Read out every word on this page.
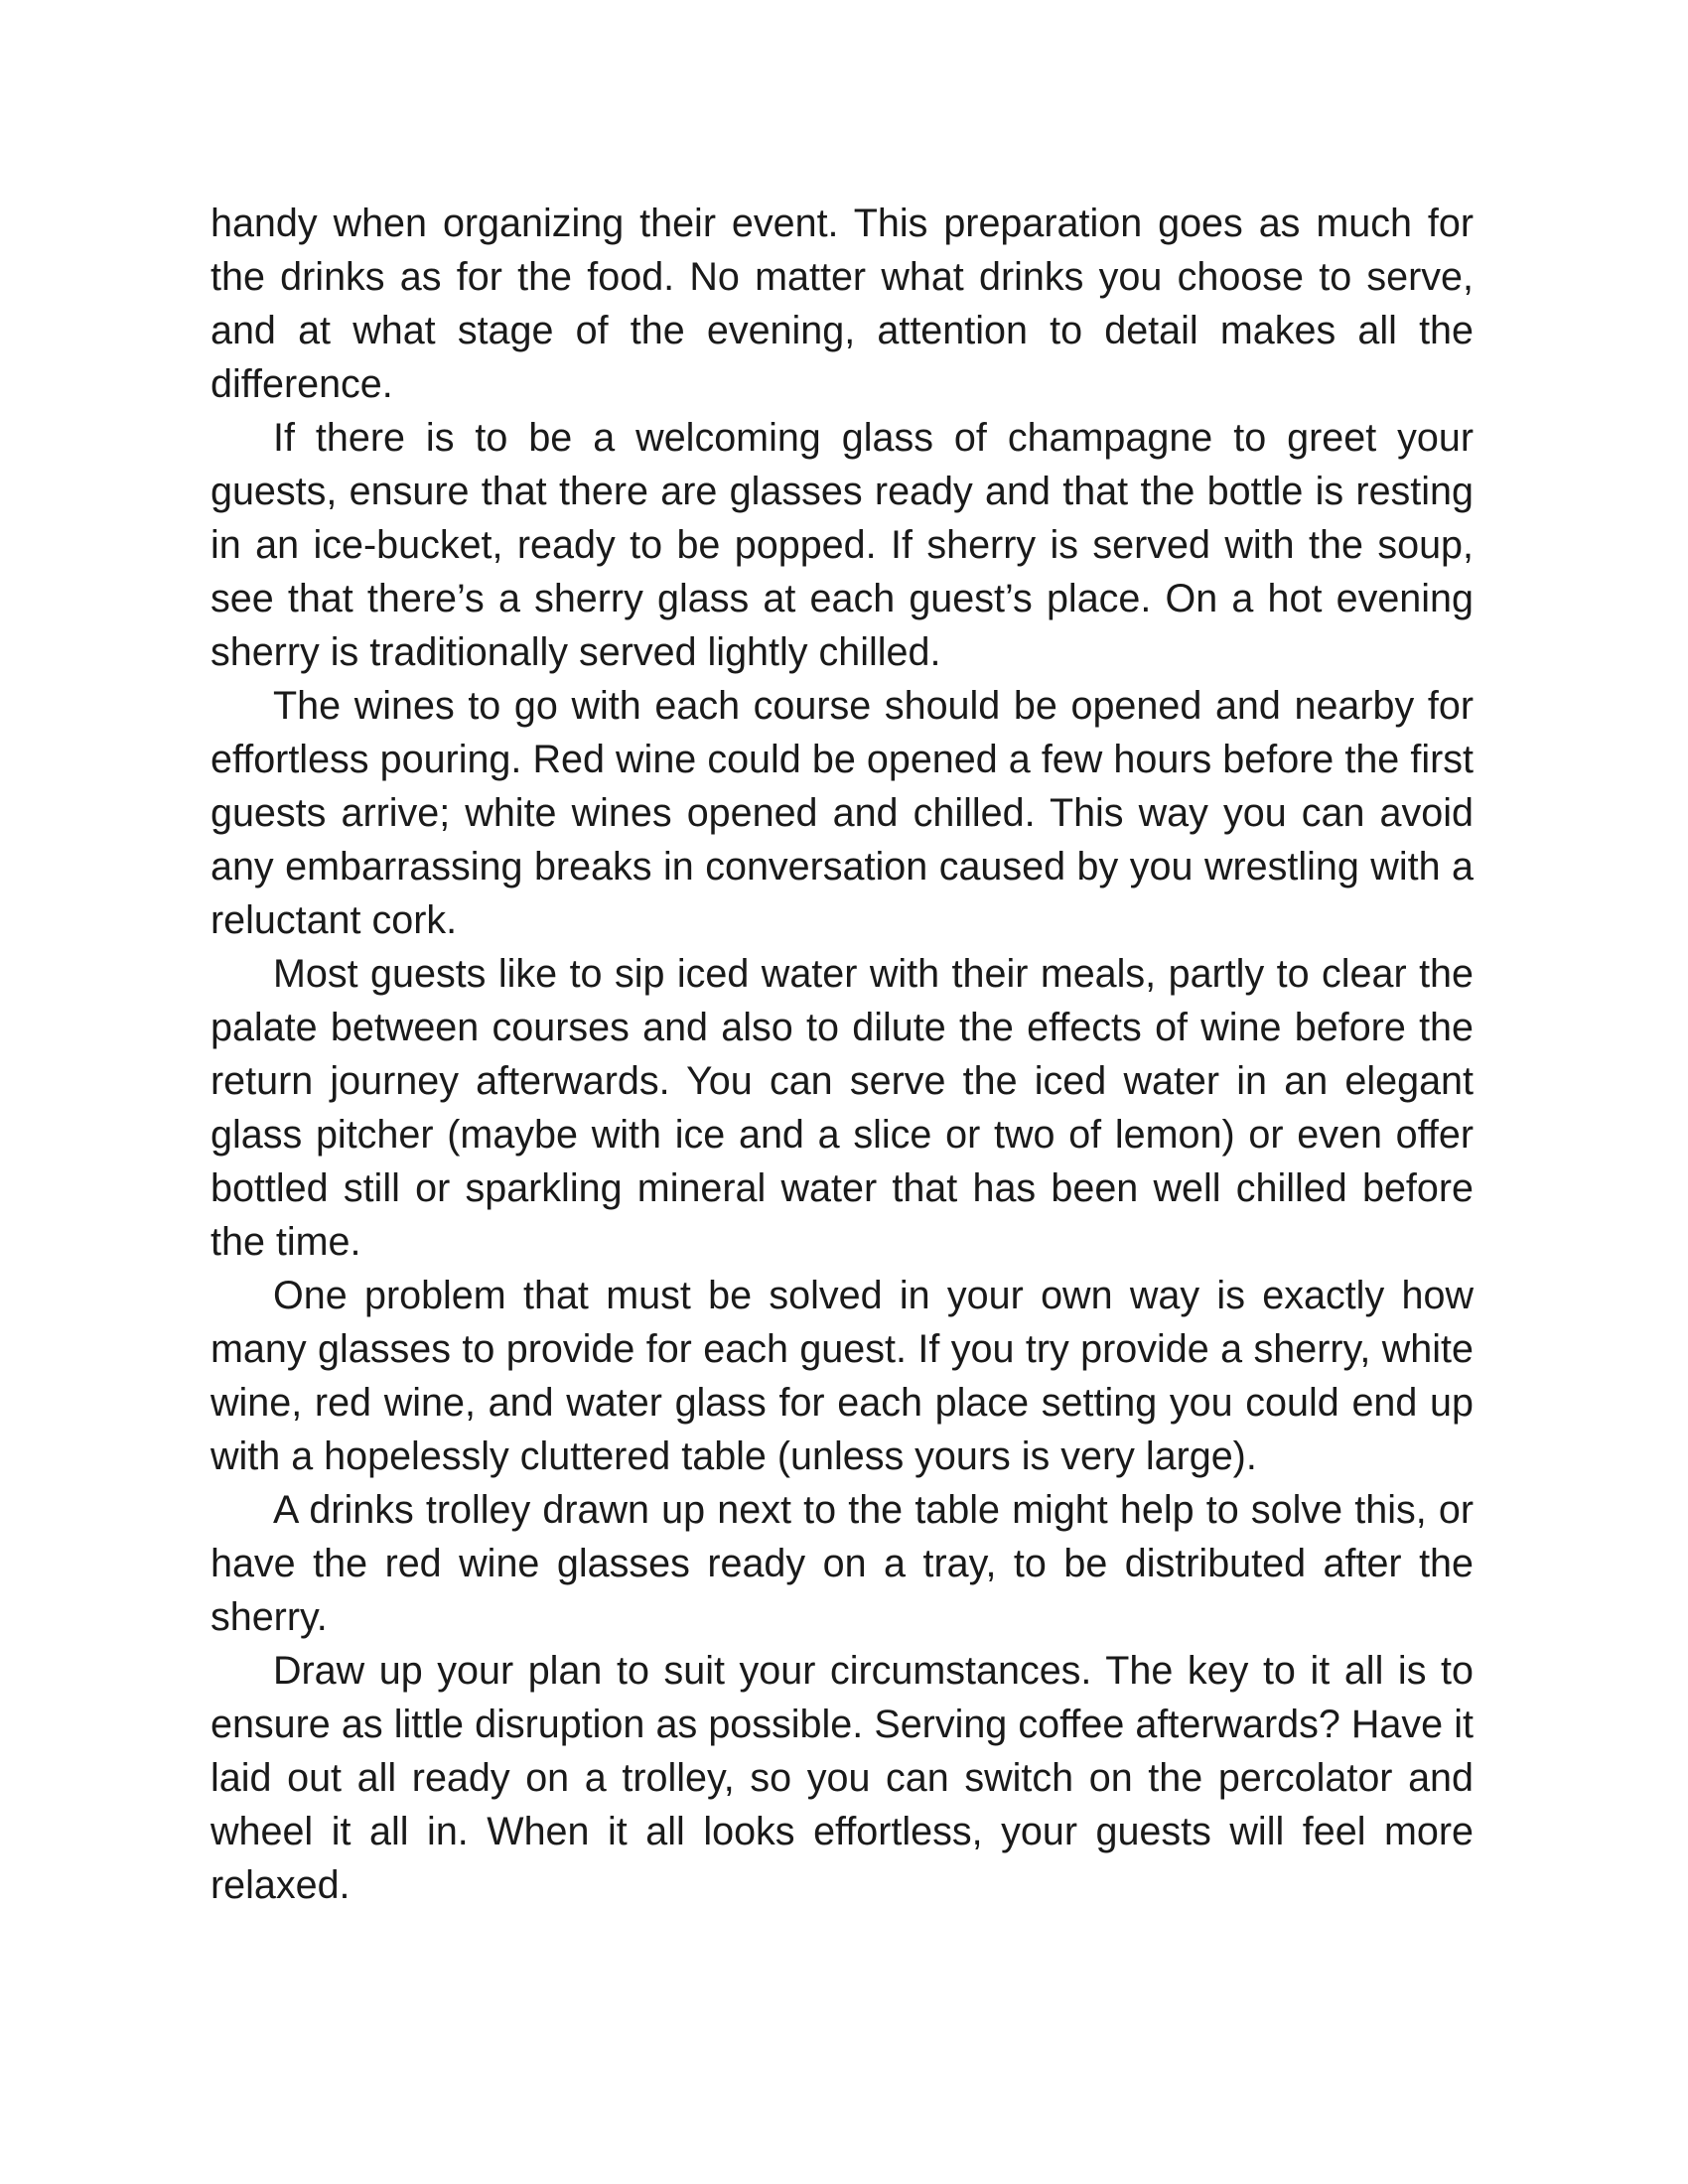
handy when organizing their event. This preparation goes as much for the drinks as for the food. No matter what drinks you choose to serve, and at what stage of the evening, attention to detail makes all the difference.

If there is to be a welcoming glass of champagne to greet your guests, ensure that there are glasses ready and that the bottle is resting in an ice-bucket, ready to be popped. If sherry is served with the soup, see that there’s a sherry glass at each guest’s place. On a hot evening sherry is traditionally served lightly chilled.

The wines to go with each course should be opened and nearby for effortless pouring. Red wine could be opened a few hours before the first guests arrive; white wines opened and chilled. This way you can avoid any embarrassing breaks in conversation caused by you wrestling with a reluctant cork.

Most guests like to sip iced water with their meals, partly to clear the palate between courses and also to dilute the effects of wine before the return journey afterwards. You can serve the iced water in an elegant glass pitcher (maybe with ice and a slice or two of lemon) or even offer bottled still or sparkling mineral water that has been well chilled before the time.

One problem that must be solved in your own way is exactly how many glasses to provide for each guest. If you try provide a sherry, white wine, red wine, and water glass for each place setting you could end up with a hopelessly cluttered table (unless yours is very large).

A drinks trolley drawn up next to the table might help to solve this, or have the red wine glasses ready on a tray, to be distributed after the sherry.

Draw up your plan to suit your circumstances. The key to it all is to ensure as little disruption as possible. Serving coffee afterwards? Have it laid out all ready on a trolley, so you can switch on the percolator and wheel it all in. When it all looks effortless, your guests will feel more relaxed.
